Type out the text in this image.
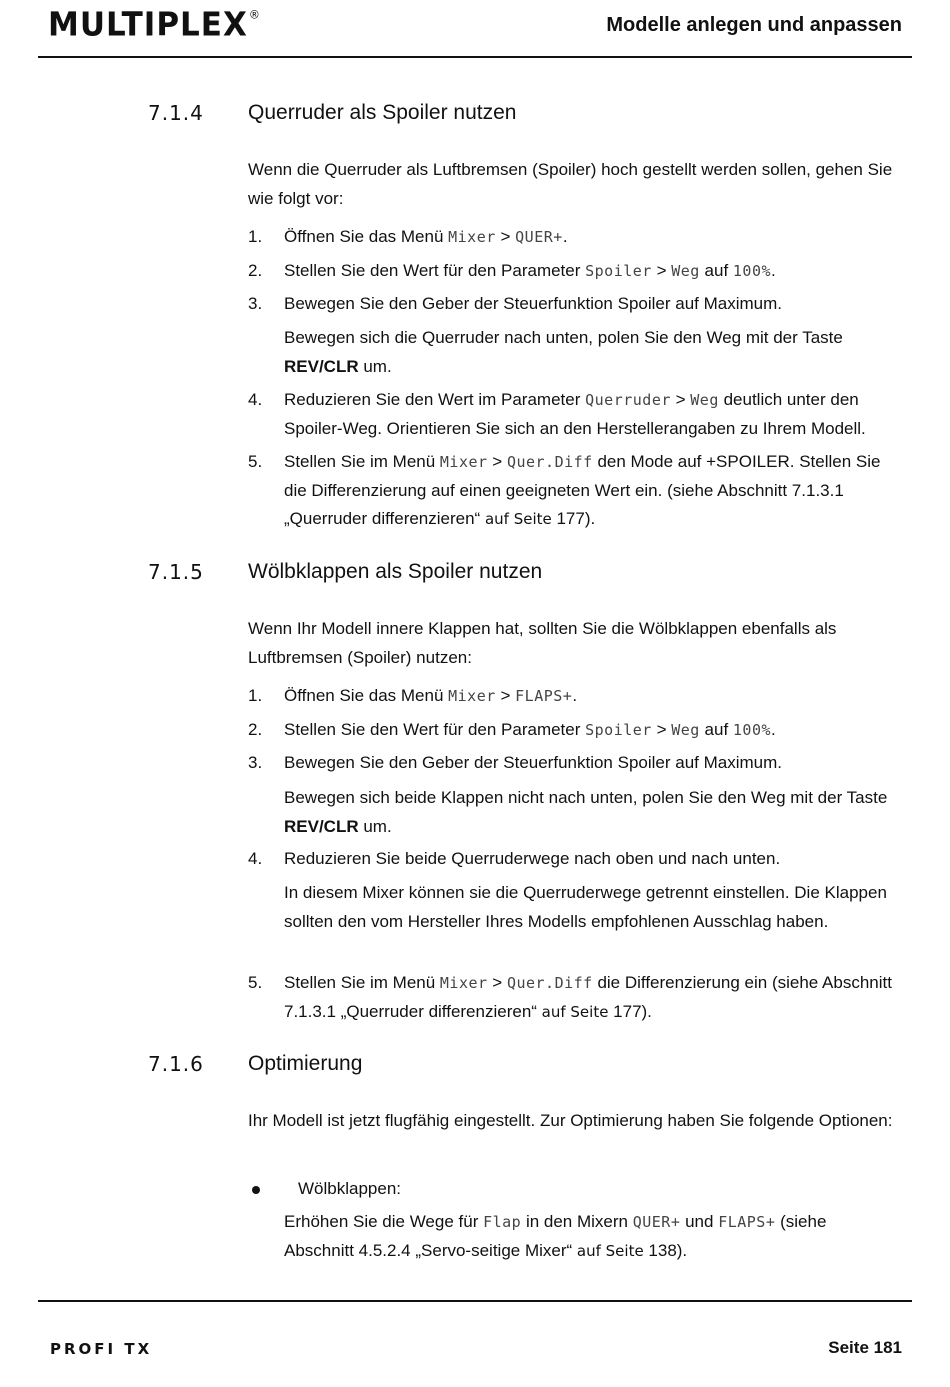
MULTIPLEX®	Modelle anlegen und anpassen
7.1.4 Querruder als Spoiler nutzen
Wenn die Querruder als Luftbremsen (Spoiler) hoch gestellt werden sollen, gehen Sie wie folgt vor:
1. Öffnen Sie das Menü Mixer > QUER+.
2. Stellen Sie den Wert für den Parameter Spoiler > Weg auf 100%.
3. Bewegen Sie den Geber der Steuerfunktion Spoiler auf Maximum.
Bewegen sich die Querruder nach unten, polen Sie den Weg mit der Taste REV/CLR um.
4. Reduzieren Sie den Wert im Parameter Querruder > Weg deutlich unter den Spoiler-Weg. Orientieren Sie sich an den Herstellerangaben zu Ihrem Modell.
5. Stellen Sie im Menü Mixer > Quer.Diff den Mode auf +SPOILER. Stellen Sie die Differenzierung auf einen geeigneten Wert ein. (siehe Abschnitt 7.1.3.1 „Querruder differenzieren“ auf Seite 177).
7.1.5 Wölbklappen als Spoiler nutzen
Wenn Ihr Modell innere Klappen hat, sollten Sie die Wölbklappen ebenfalls als Luftbremsen (Spoiler) nutzen:
1. Öffnen Sie das Menü Mixer > FLAPS+.
2. Stellen Sie den Wert für den Parameter Spoiler > Weg auf 100%.
3. Bewegen Sie den Geber der Steuerfunktion Spoiler auf Maximum.
Bewegen sich beide Klappen nicht nach unten, polen Sie den Weg mit der Taste REV/CLR um.
4. Reduzieren Sie beide Querruderwege nach oben und nach unten.
In diesem Mixer können sie die Querruderwege getrennt einstellen. Die Klappen sollten den vom Hersteller Ihres Modells empfohlenen Ausschlag haben.
5. Stellen Sie im Menü Mixer > Quer.Diff die Differenzierung ein (siehe Abschnitt 7.1.3.1 „Querruder differenzieren“ auf Seite 177).
7.1.6 Optimierung
Ihr Modell ist jetzt flugfähig eingestellt. Zur Optimierung haben Sie folgende Optionen:
Wölbklappen:
Erhöhen Sie die Wege für Flap in den Mixern QUER+ und FLAPS+ (siehe Abschnitt 4.5.2.4 „Servo-seitige Mixer“ auf Seite 138).
PROFI TX	Seite 181
